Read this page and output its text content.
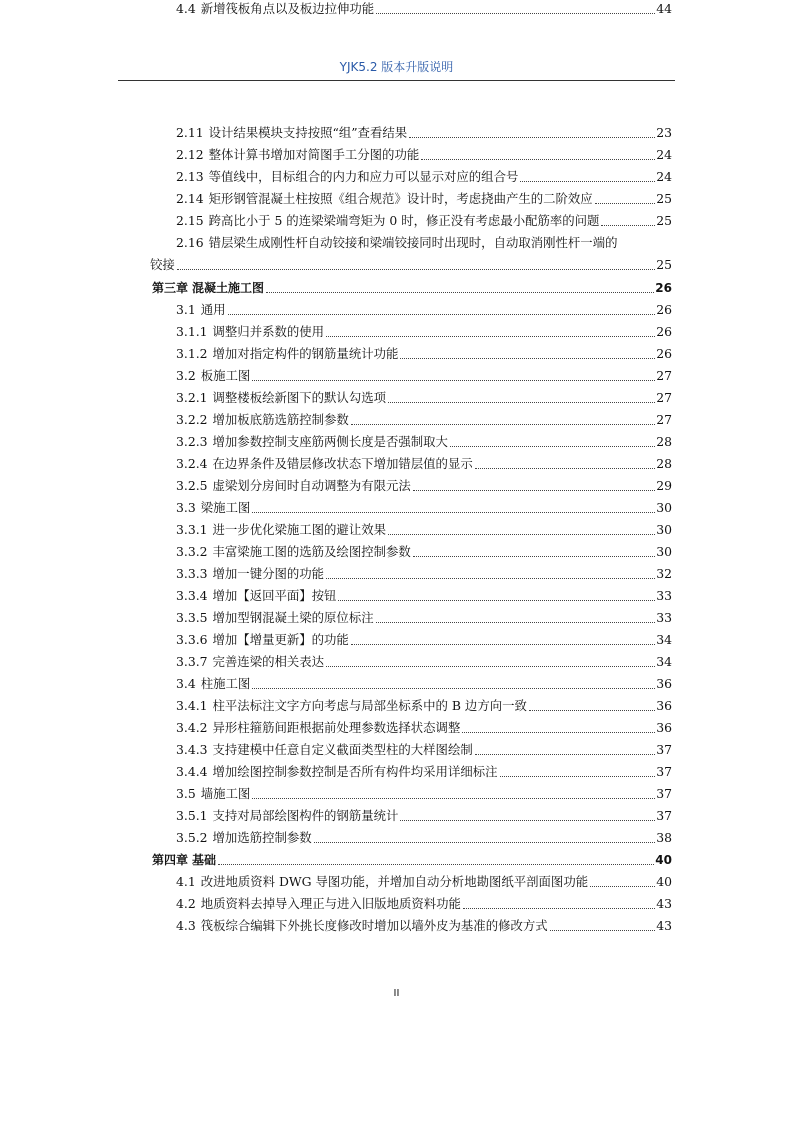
YJK5.2 版本升版说明
2.11 设计结果模块支持按照“组”查看结果	23
2.12 整体计算书增加对简图手工分图的功能	24
2.13 等值线中，目标组合的内力和应力可以显示对应的组合号	24
2.14 矩形钢管混凝土柱按照《组合规范》设计时，考虑挠曲产生的二阶效应	25
2.15 跨高比小于 5 的连梁梁端弯矩为 0 时，修正没有考虑最小配筋率的问题	25
2.16 错层梁生成刚性杆自动铰接和梁端铰接同时出现时，自动取消刚性杆一端的
铰接	25
第三章 混凝土施工图	26
3.1 通用	26
3.1.1 调整归并系数的使用	26
3.1.2 增加对指定构件的钢筋量统计功能	26
3.2 板施工图	27
3.2.1 调整楼板绘新图下的默认勾选项	27
3.2.2 增加板底筋选筋控制参数	27
3.2.3 增加参数控制支座筋两侧长度是否强制取大	28
3.2.4 在边界条件及错层修改状态下增加错层值的显示	28
3.2.5 虚梁划分房间时自动调整为有限元法	29
3.3 梁施工图	30
3.3.1 进一步优化梁施工图的避让效果	30
3.3.2 丰富梁施工图的选筋及绘图控制参数	30
3.3.3 增加一键分图的功能	32
3.3.4 增加【返回平面】按钮	33
3.3.5 增加型钢混凝土梁的原位标注	33
3.3.6 增加【增量更新】的功能	34
3.3.7 完善连梁的相关表达	34
3.4 柱施工图	36
3.4.1 柱平法标注文字方向考虑与局部坐标系中的 B 边方向一致	36
3.4.2 异形柱箍筋间距根据前处理参数选择状态调整	36
3.4.3 支持建模中任意自定义截面类型柱的大样图绘制	37
3.4.4 增加绘图控制参数控制是否所有构件均采用详细标注	37
3.5 墙施工图	37
3.5.1 支持对局部绘图构件的钢筋量统计	37
3.5.2 增加选筋控制参数	38
第四章 基础	40
4.1 改进地质资料 DWG 导图功能，并增加自动分析地勘图纸平剖面图功能	40
4.2 地质资料去掉导入理正与进入旧版地质资料功能	43
4.3 筏板综合编辑下外挑长度修改时增加以墙外皮为基准的修改方式	43
4.4 新增筏板角点以及板边拉伸功能	44
II
